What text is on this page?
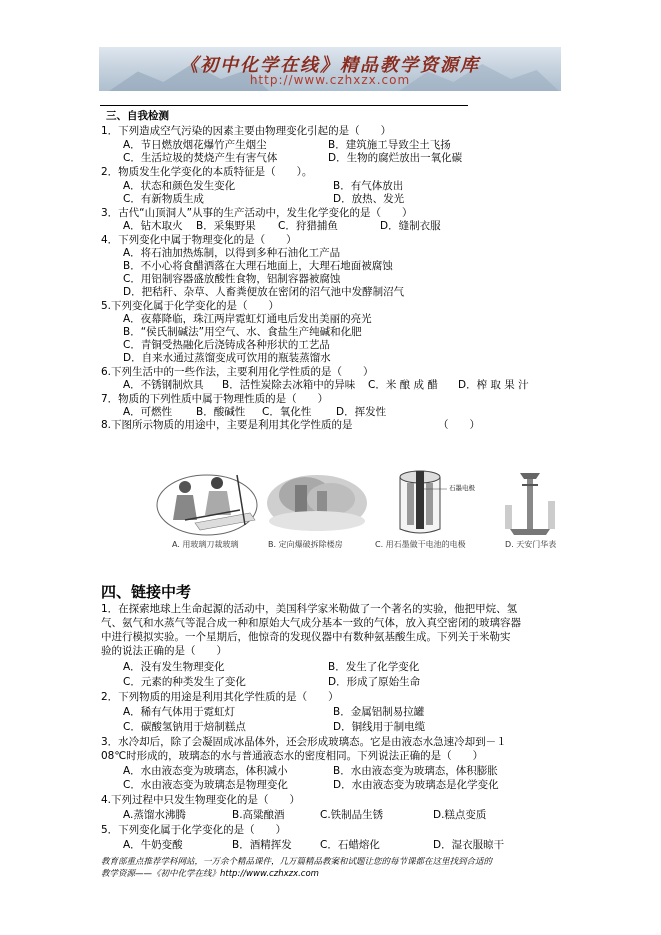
《初中化学在线》精品教学资源库
http://www.czhxzx.com
三、自我检测
1．下列造成空气污染的因素主要由物理变化引起的是（　　）
A．节日燃放烟花爆竹产生烟尘	B．建筑施工导致尘土飞扬
C．生活垃圾的焚烧产生有害气体	D．生物的腐烂放出一氧化碳
2．物质发生化学变化的本质特征是（　　）。
A．状态和颜色发生变化	B．有气体放出
C．有新物质生成	D．放热、发光
3．古代“山顶洞人”从事的生产活动中，发生化学变化的是（　　）
A．钻木取火 B．采集野果 C．狩猎捕鱼	D．缝制衣服
4．下列变化中属于物理变化的是（　　）
A．将石油加热炼制，以得到多种石油化工产品
B．不小心将食醋洒落在大理石地面上，大理石地面被腐蚀
C．用铝制容器盛放酸性食物，铝制容器被腐蚀
D．把秸秆、杂草、人畜粪便放在密闭的沼气池中发酵制沼气
5.下列变化属于化学变化的是（　　）
A．夜幕降临，珠江两岸霓虹灯通电后发出美丽的亮光
B．“侯氏制碱法”用空气、水、食盐生产纯碱和化肥
C．青铜受热融化后浇铸成各种形状的工艺品
D．自来水通过蒸馏变成可饮用的瓶装蒸馏水
6.下列生活中的一些作法，主要利用化学性质的是（　　）
A．不锈钢制炊具 B．活性炭除去冰箱中的异味 C．米 酿 成 醋 D．榨 取 果 汁
7．物质的下列性质中属于物理性质的是（　　）
A．可燃性 B．酸碱性 C．氧化性 D．挥发性
8.下图所示物质的用途中，主要是利用其化学性质的是	（　　）
石墨电极
A. 用玻璃刀裁玻璃	B. 定向爆破拆除楼房	C. 用石墨做干电池的电极	D. 天安门华表
四、链接中考
1．在探索地球上生命起源的活动中，美国科学家米勒做了一个著名的实验，他把甲烷、氢
气、氨气和水蒸气等混合成一种和原始大气成分基本一致的气体，放入真空密闭的玻璃容器
中进行模拟实验。一个星期后，他惊奇的发现仪器中有数种氨基酸生成。下列关于米勒实
验的说法正确的是（　　）
A．没有发生物理变化	B．发生了化学变化
C．元素的种类发生了变化	D．形成了原始生命
2．下列物质的用途是利用其化学性质的是（　　）
A．稀有气体用于霓虹灯	B．金属铝制易拉罐
C．碳酸氢钠用于焙制糕点	D．铜线用于制电缆
3．水冷却后，除了会凝固成冰晶体外，还会形成玻璃态。它是由液态水急速冷却到－１
08℃时形成的，玻璃态的水与普通液态水的密度相同。下列说法正确的是（　　）
A．水由液态变为玻璃态，体积减小	B．水由液态变为玻璃态，体积膨胀
C．水由液态变为玻璃态是物理变化	D．水由液态变为玻璃态是化学变化
4.下列过程中只发生物理变化的是（　　）
A.蒸馏水沸腾	B.高粱酿酒	C.铁制品生锈	D.糕点变质
5．下列变化属于化学变化的是（　　）
A．牛奶变酸	B．酒精挥发	C．石蜡熔化	D．湿衣服晾干
教育部重点推荐学科网站，一万余个精品课件，几万篇精品教案和试题让您的每节课都在这里找到合适的
教学资源——《初中化学在线》http://www.czhxzx.com
